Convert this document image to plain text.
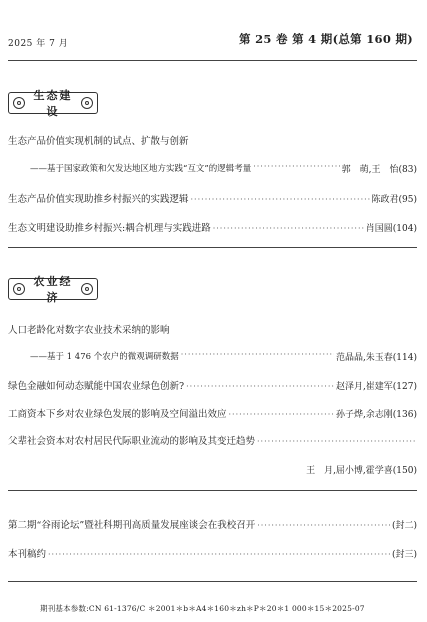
2025 年 7 月	第 25 卷 第 4 期(总第 160 期)
生态建设
生态产品价值实现机制的试点、扩散与创新
——基于国家政策和欠发达地区地方实践“互文”的逻辑考量 ·····	郭　萌,王　怡(83)
生态产品价值实现助推乡村振兴的实践逻辑 ·····	陈政君(95)
生态文明建设助推乡村振兴:耦合机理与实践进路 ·····	肖国圆(104)
农业经济
人口老龄化对数字农业技术采纳的影响
——基于 1 476 个农户的微观调研数据 ·····	范晶晶,朱玉春(114)
绿色金融如何动态赋能中国农业绿色创新? ·····	赵泽月,崔建军(127)
工商资本下乡对农业绿色发展的影响及空间溢出效应 ·····	孙子烨,余志刚(136)
父辈社会资本对农村居民代际职业流动的影响及其变迁趋势
·····
王　月,屈小博,霍学喜(150)
第二期“谷雨论坛”暨社科期刊高质量发展座谈会在我校召开 ·····	(封二)
本刊稿约 ·····	(封三)
期刊基本参数:CN 61-1376/C ＊2001＊b＊A4＊160＊zh＊P＊20＊1 000＊15＊2025-07
